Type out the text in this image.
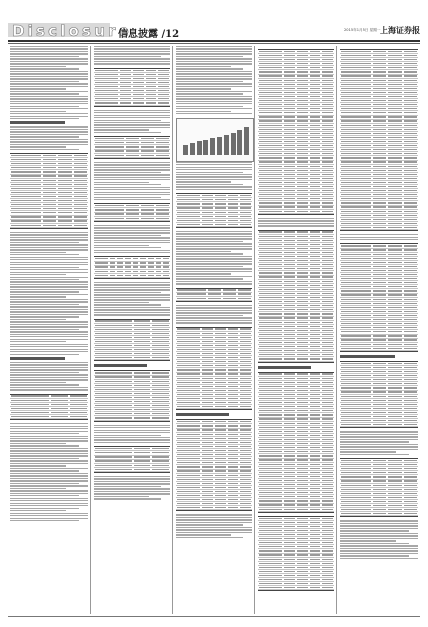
Disclosure
信息披露 /12	2015年1月5日 星期一 上海证券报
